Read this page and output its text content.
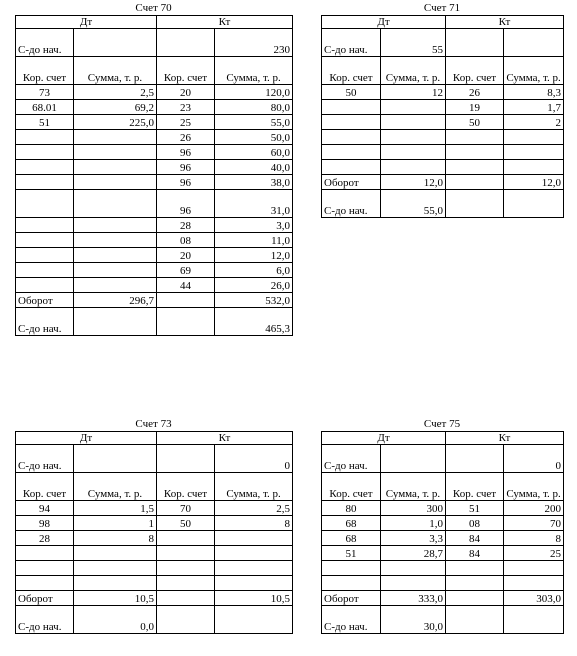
Счет 70
Дт		Кт	
С-до нач.			230
Кор. счет	Сумма, т. р.	Кор. счет	Сумма, т. р.
73	2,5	20	120,0
68.01	69,2	23	80,0
51	225,0	25	55,0
		26	50,0
		96	60,0
		96	40,0
		96	38,0
		96	31,0
		28	3,0
		08	11,0
		20	12,0
		69	6,0
		44	26,0
Оборот	296,7		532,0
С-до нач.			465,3
Счет 71
Дт		Кт	
С-до нач.	55		
Кор. счет	Сумма, т. р.	Кор. счет	Сумма, т. р.
50	12	26	8,3
		19	1,7
		50	2

Оборот	12,0		12,0
С-до нач.	55,0		
Счет 73
Дт		Кт	
С-до нач.			0
Кор. счет	Сумма, т. р.	Кор. счет	Сумма, т. р.
94	1,5	70	2,5
98	1	50	8
28	8		

Оборот	10,5		10,5
С-до нач.	0,0		
Счет 75
Дт		Кт	
С-до нач.			0
Кор. счет	Сумма, т. р.	Кор. счет	Сумма, т. р.
80	300	51	200
68	1,0	08	70
68	3,3	84	8
51	28,7	84	25

Оборот	333,0		303,0
С-до нач.	30,0		
